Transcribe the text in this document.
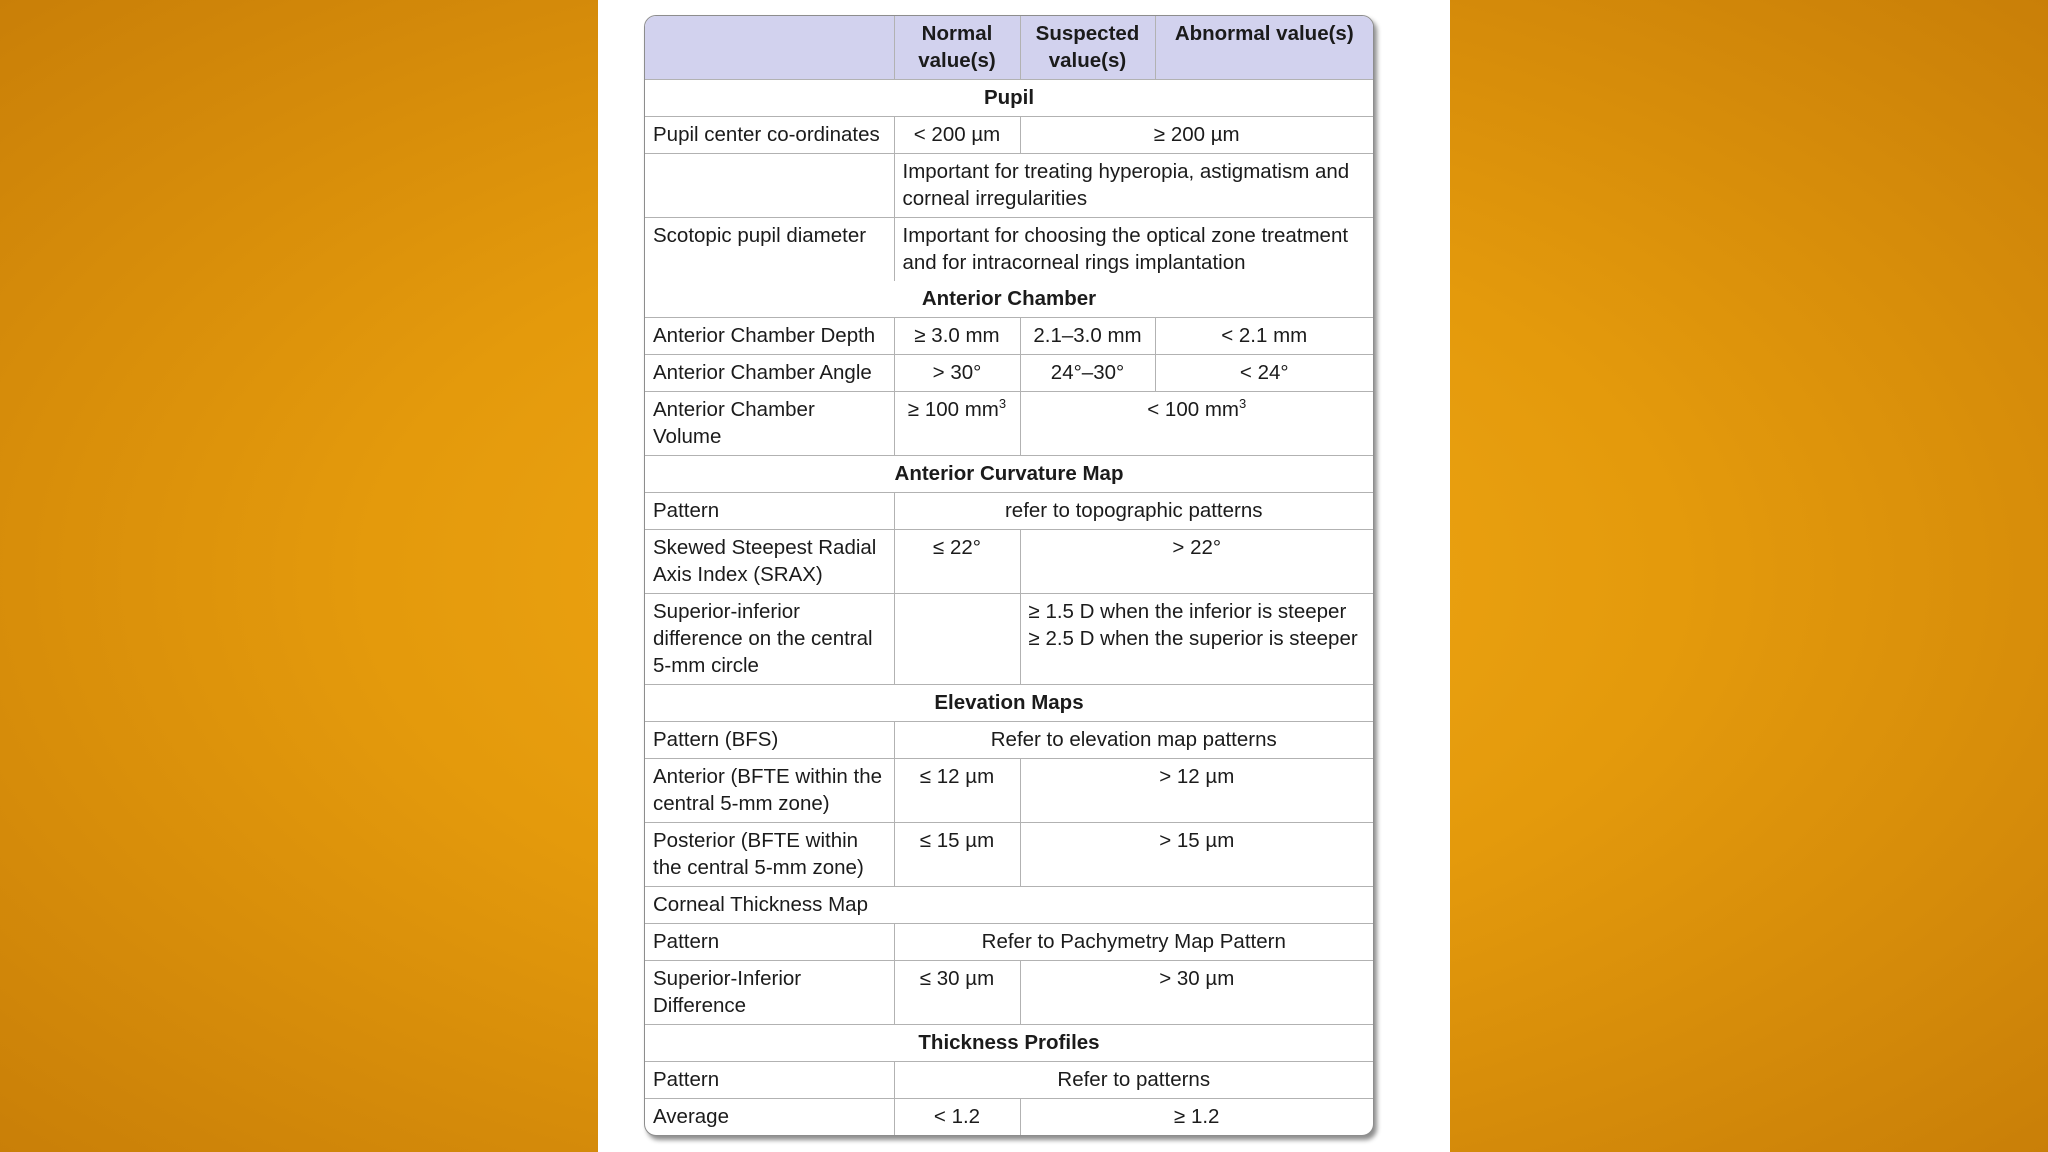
	Normal value(s)	Suspected value(s)	Abnormal value(s)
Pupil			
Pupil center co-ordinates	< 200 µm	≥ 200 µm	
	Important for treating hyperopia, astigmatism and corneal irregularities		
Scotopic pupil diameter	Important for choosing the optical zone treatment and for intracorneal rings implantation		
Anterior Chamber			
Anterior Chamber Depth	≥ 3.0 mm	2.1–3.0 mm	< 2.1 mm
Anterior Chamber Angle	> 30°	24°–30°	< 24°
Anterior Chamber Volume	≥ 100 $mm^3$	< 100 $mm^3$
Anterior Curvature Map			
Pattern	refer to topographic patterns		
Skewed Steepest Radial Axis Index (SRAX)	≤ 22°	> 22°	
Superior-inferior difference on the central 5-mm circle		≥ 1.5 D when the inferior is steeper
≥ 2.5 D when the superior is steeper	

Elevation Maps			
Pattern (BFS)	Refer to elevation map patterns		
Anterior (BFTE within the central 5-mm zone)	≤ 12 µm	> 12 µm	
Posterior (BFTE within the central 5-mm zone)	≤ 15 µm	> 15 µm	
Corneal Thickness Map			
Pattern	Refer to Pachymetry Map Pattern		
Superior-Inferior Difference	≤ 30 µm	> 30 µm	
Thickness Profiles			
Pattern	Refer to patterns		
Average	< 1.2	≥ 1.2	
